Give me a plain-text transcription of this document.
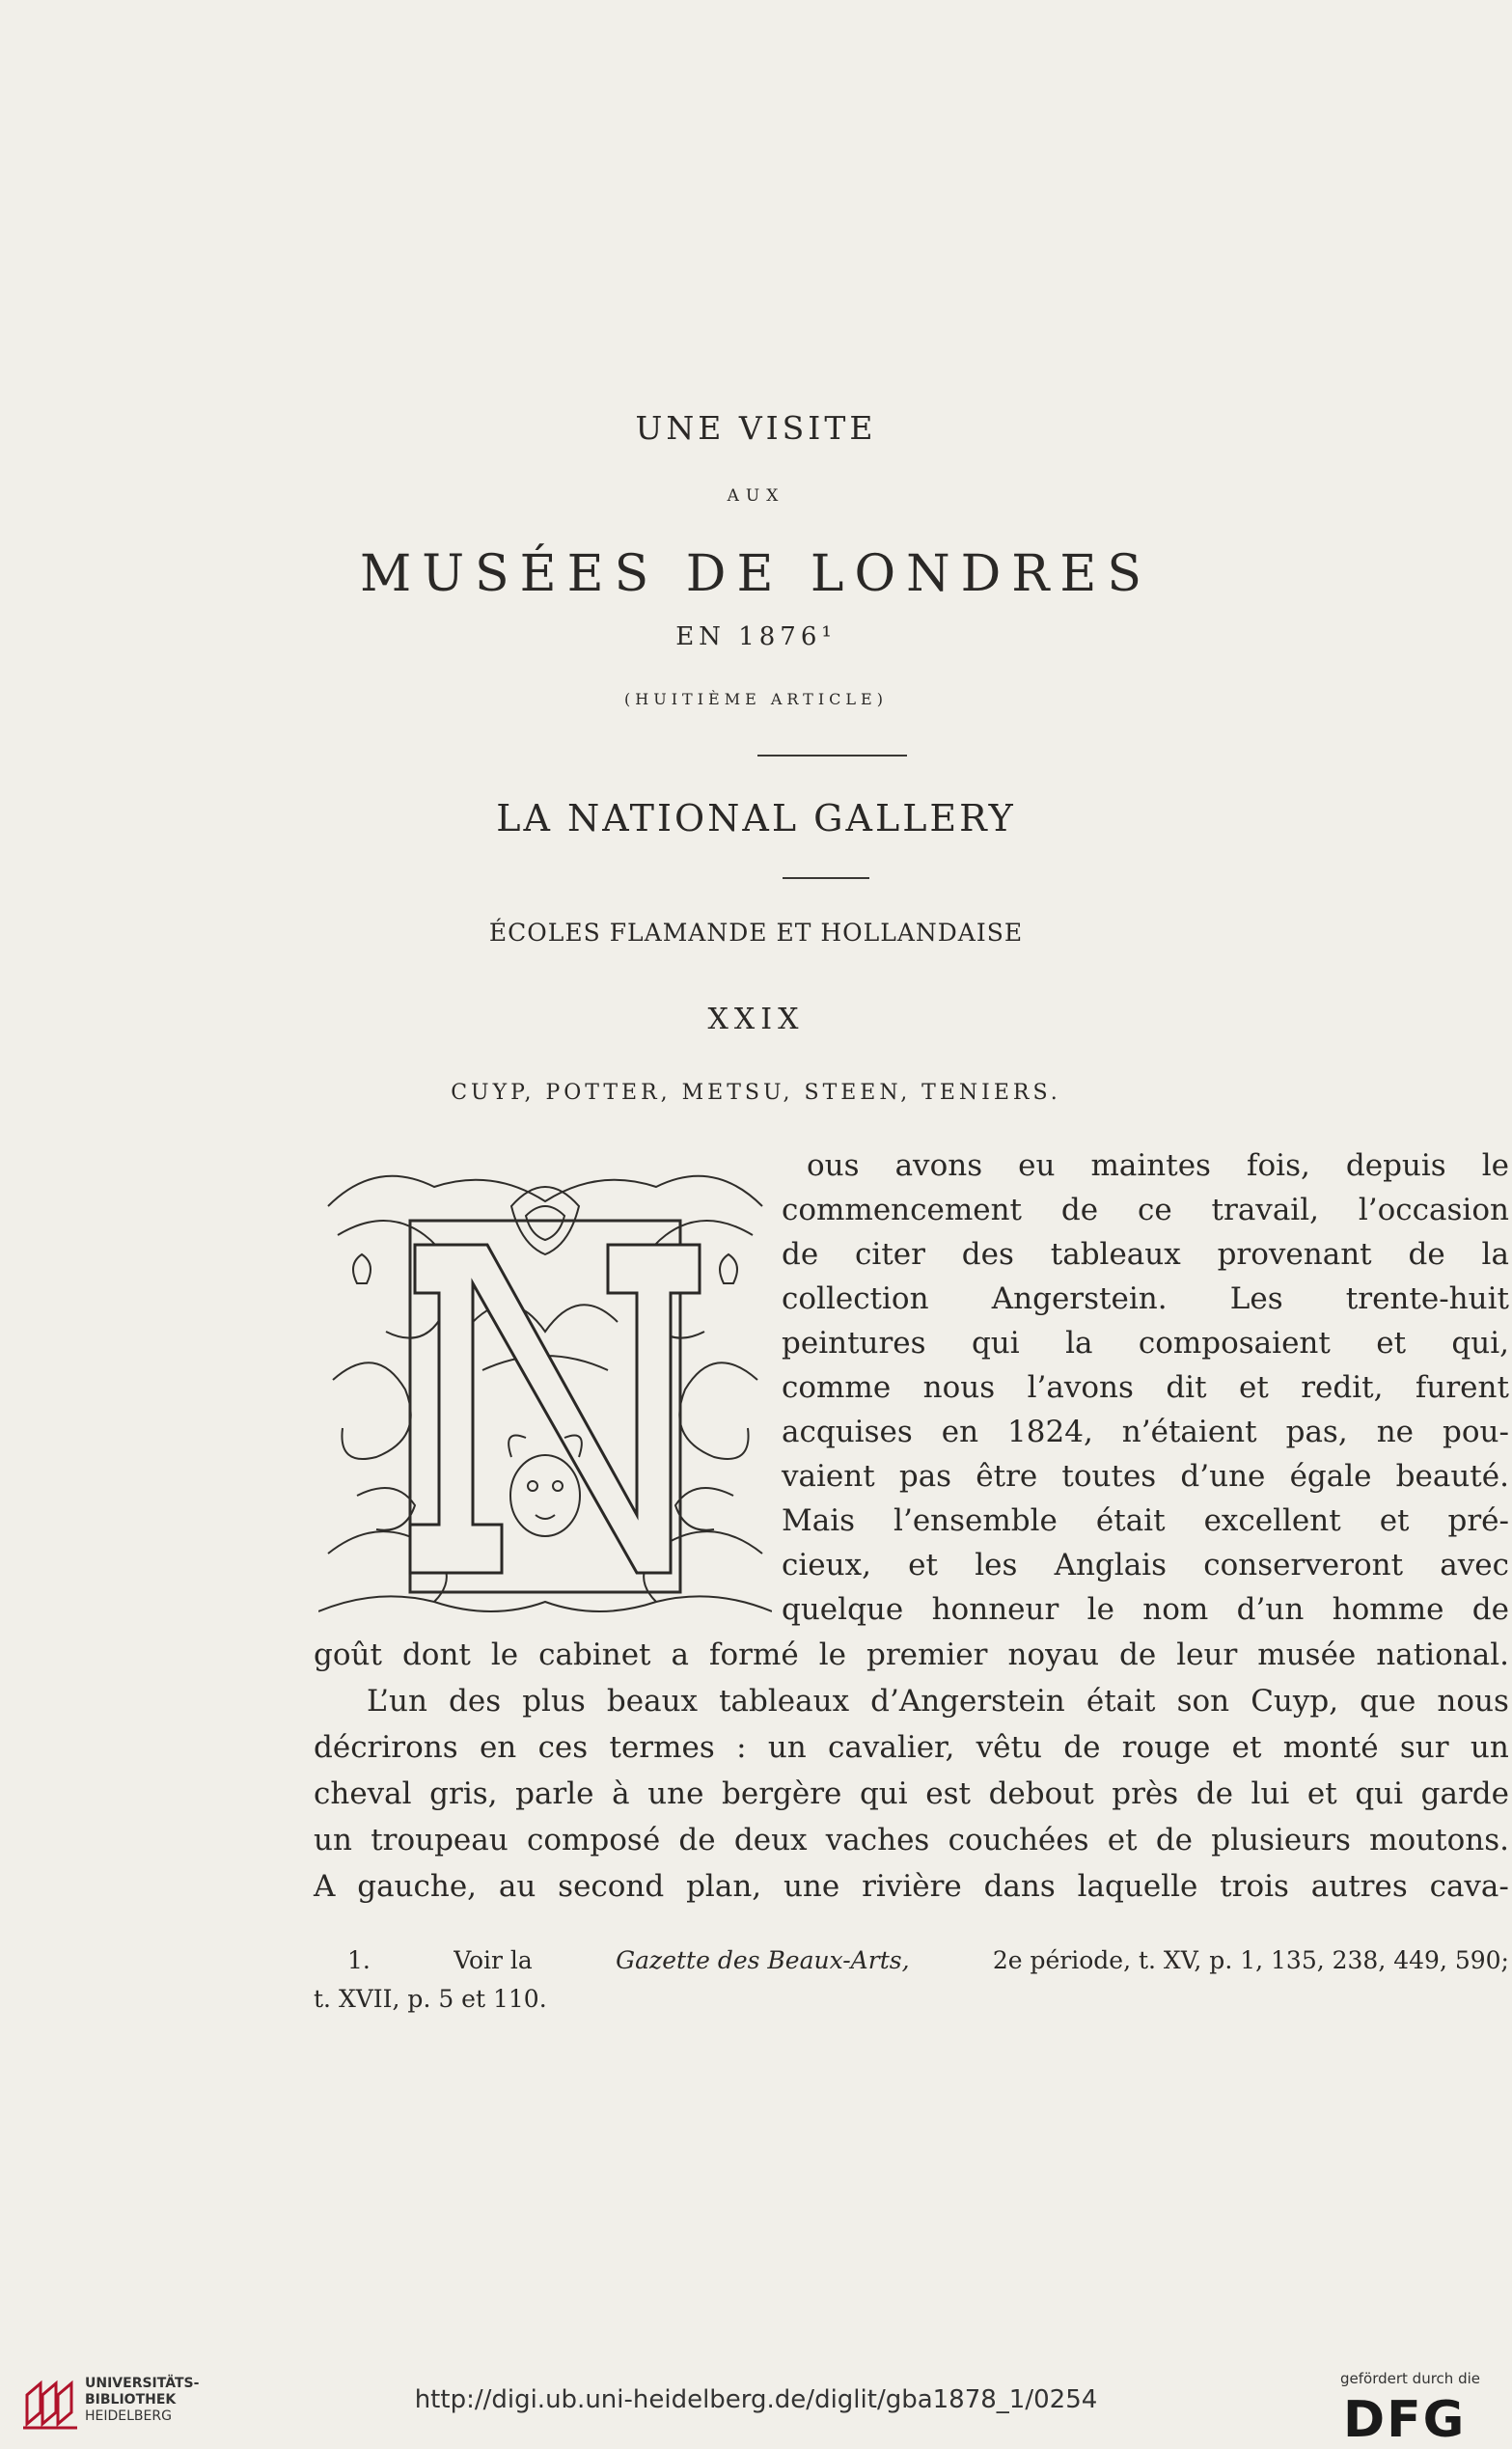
UNE VISITE
AUX
MUSÉES DE LONDRES
EN 1876¹
(HUITIÈME ARTICLE)
LA NATIONAL GALLERY
ÉCOLES FLAMANDE ET HOLLANDAISE
XXIX
CUYP, POTTER, METSU, STEEN, TENIERS.
ous avons eu maintes fois, depuis le
commencement de ce travail, l’occasion
de citer des tableaux provenant de la
collection Angerstein. Les trente-huit
peintures qui la composaient et qui,
comme nous l’avons dit et redit, furent
acquises en 1824, n’étaient pas, ne pou-
vaient pas être toutes d’une égale beauté.
Mais l’ensemble était excellent et pré-
cieux, et les Anglais conserveront avec
quelque honneur le nom d’un homme de
goût dont le cabinet a formé le premier noyau de leur musée national.
L’un des plus beaux tableaux d’Angerstein était son Cuyp, que nous
décrirons en ces termes : un cavalier, vêtu de rouge et monté sur un
cheval gris, parle à une bergère qui est debout près de lui et qui garde
un troupeau composé de deux vaches couchées et de plusieurs moutons.
A gauche, au second plan, une rivière dans laquelle trois autres cava-
1.	Voir la	Gazette des Beaux-Arts,	2e période, t. XV, p. 1, 135, 238, 449, 590;
t. XVII, p. 5 et 110.
UNIVERSITÄTS-
BIBLIOTHEK
HEIDELBERG
http://digi.ub.uni-heidelberg.de/diglit/gba1878_1/0254
gefördert durch die
DFG
